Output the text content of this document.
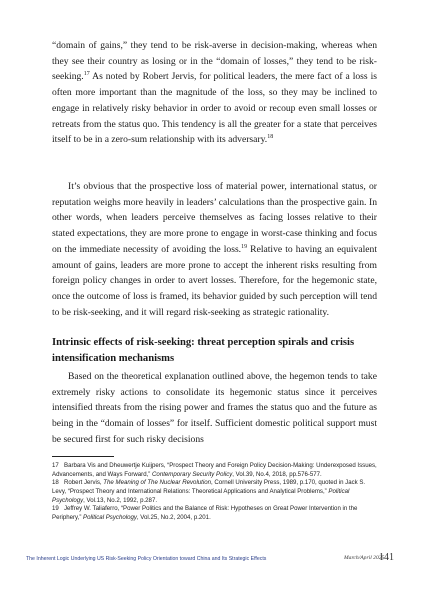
“domain of gains,” they tend to be risk-averse in decision-making, whereas when they see their country as losing or in the “domain of losses,” they tend to be risk-seeking.$^{17}$ As noted by Robert Jervis, for political leaders, the mere fact of a loss is often more important than the magnitude of the loss, so they may be inclined to engage in relatively risky behavior in order to avoid or recoup even small losses or retreats from the status quo. This tendency is all the greater for a state that perceives itself to be in a zero-sum relationship with its adversary.$^{18}$

It’s obvious that the prospective loss of material power, international status, or reputation weighs more heavily in leaders’ calculations than the prospective gain. In other words, when leaders perceive themselves as facing losses relative to their stated expectations, they are more prone to engage in worst-case thinking and focus on the immediate necessity of avoiding the loss.$^{19}$ Relative to having an equivalent amount of gains, leaders are more prone to accept the inherent risks resulting from foreign policy changes in order to avert losses. Therefore, for the hegemonic state, once the outcome of loss is framed, its behavior guided by such perception will tend to be risk-seeking, and it will regard risk-seeking as strategic rationality.

Intrinsic effects of risk-seeking: threat perception spirals and crisis intensification mechanisms

Based on the theoretical explanation outlined above, the hegemon tends to take extremely risky actions to consolidate its hegemonic status since it perceives intensified threats from the rising power and frames the status quo and the future as being in the “domain of losses” for itself. Sufficient domestic political support must be secured first for such risky decisions

17 Barbara Vis and Dheuwertje Kuijpers, “Prospect Theory and Foreign Policy Decision-Making: Underexposed Issues, Advancements, and Ways Forward,” Contemporary Security Policy, Vol.39, No.4, 2018, pp.576-577.

18 Robert Jervis, The Meaning of The Nuclear Revolution, Cornell University Press, 1989, p.170, quoted in Jack S. Levy, “Prospect Theory and International Relations: Theoretical Applications and Analytical Problems,” Political Psychology, Vol.13, No.2, 1992, p.287.

19 Jeffrey W. Taliaferro, “Power Politics and the Balance of Risk: Hypotheses on Great Power Intervention in the Periphery,” Political Psychology, Vol.25, No.2, 2004, p.201.

The Inherent Logic Underlying US Risk-Seeking Policy Orientation toward China and Its Strategic Effects	March/April 2025
141
